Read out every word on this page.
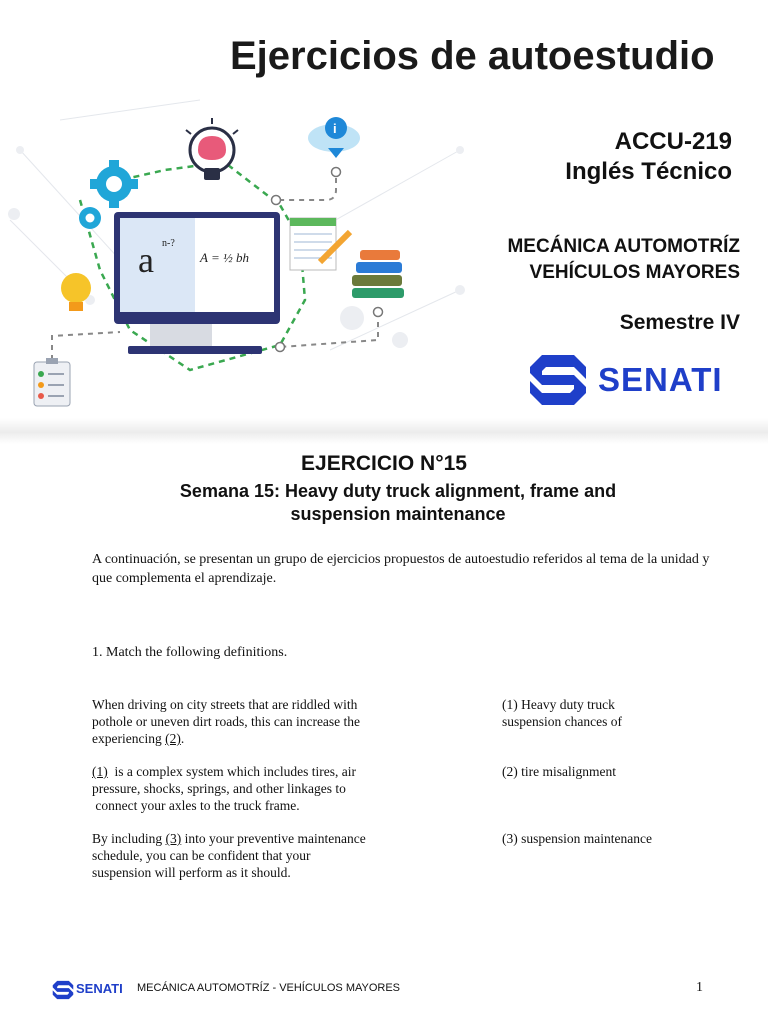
i
a n-?
A = ½ bh
Ejercicios de autoestudio
ACCU-219
Inglés Técnico
MECÁNICA AUTOMOTRÍZ
VEHÍCULOS MAYORES
Semestre IV
SENATI
EJERCICIO N°15
Semana 15: Heavy duty truck alignment, frame and
suspension maintenance
A continuación, se presentan un grupo de ejercicios propuestos de autoestudio referidos al tema de la unidad y que complementa el aprendizaje.
1. Match the following definitions.
When driving on city streets that are riddled with
pothole or uneven dirt roads, this can increase the
experiencing (2).
(1)  is a complex system which includes tires, air
pressure, shocks, springs, and other linkages to
connect your axles to the truck frame.
By including (3) into your preventive maintenance
schedule, you can be confident that your
suspension will perform as it should.
(1) Heavy duty truck
suspension chances of
(2) tire misalignment
(3) suspension maintenance
SENATI MECÁNICA AUTOMOTRÍZ - VEHÍCULOS MAYORES	1
